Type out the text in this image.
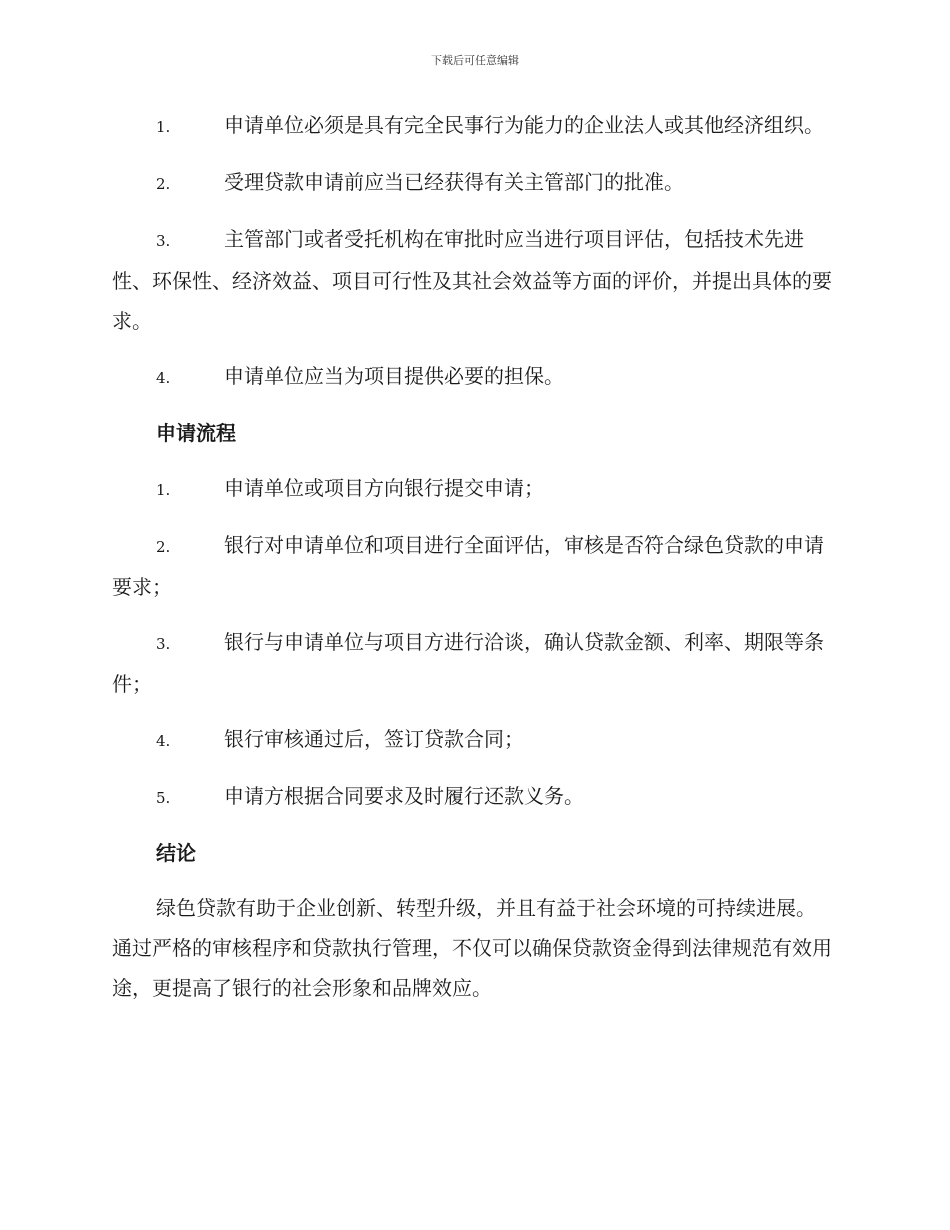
下载后可任意编辑

1.	申请单位必须是具有完全民事行为能力的企业法人或其他经济组织。

2.	受理贷款申请前应当已经获得有关主管部门的批准。

3.	主管部门或者受托机构在审批时应当进行项目评估，包括技术先进性、环保性、经济效益、项目可行性及其社会效益等方面的评价，并提出具体的要求。

4.	申请单位应当为项目提供必要的担保。

申请流程

1.	申请单位或项目方向银行提交申请；

2.	银行对申请单位和项目进行全面评估，审核是否符合绿色贷款的申请要求；

3.	银行与申请单位与项目方进行洽谈，确认贷款金额、利率、期限等条件；

4.	银行审核通过后，签订贷款合同；

5.	申请方根据合同要求及时履行还款义务。

结论

绿色贷款有助于企业创新、转型升级，并且有益于社会环境的可持续进展。通过严格的审核程序和贷款执行管理，不仅可以确保贷款资金得到法律规范有效用途，更提高了银行的社会形象和品牌效应。
